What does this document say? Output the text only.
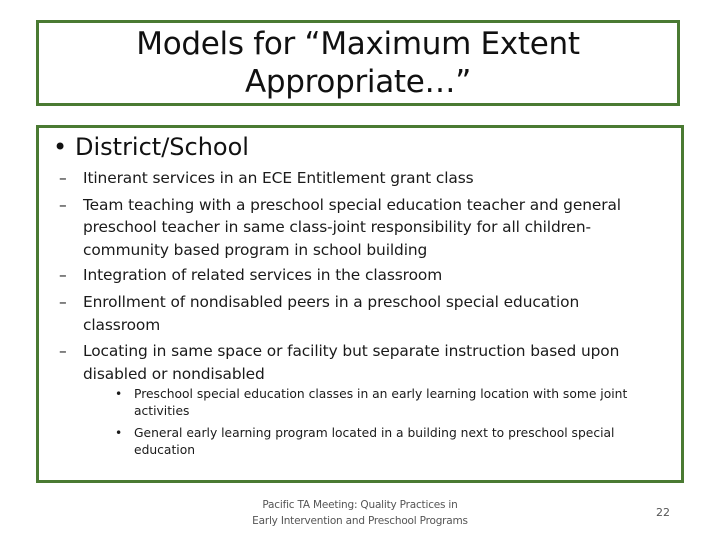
Models for “Maximum Extent Appropriate…”
• District/School
– Itinerant services in an ECE Entitlement grant class
– Team teaching with a preschool special education teacher and general preschool teacher in same class-joint responsibility for all children-community based program in school building
– Integration of related services in the classroom
– Enrollment of nondisabled peers in a preschool special education classroom
– Locating in same space or facility but separate instruction based upon disabled or nondisabled
• Preschool special education classes in an early learning location with some joint activities
• General early learning program located in a building next to preschool special education
Pacific TA Meeting: Quality Practices in
Early Intervention and Preschool Programs
22
